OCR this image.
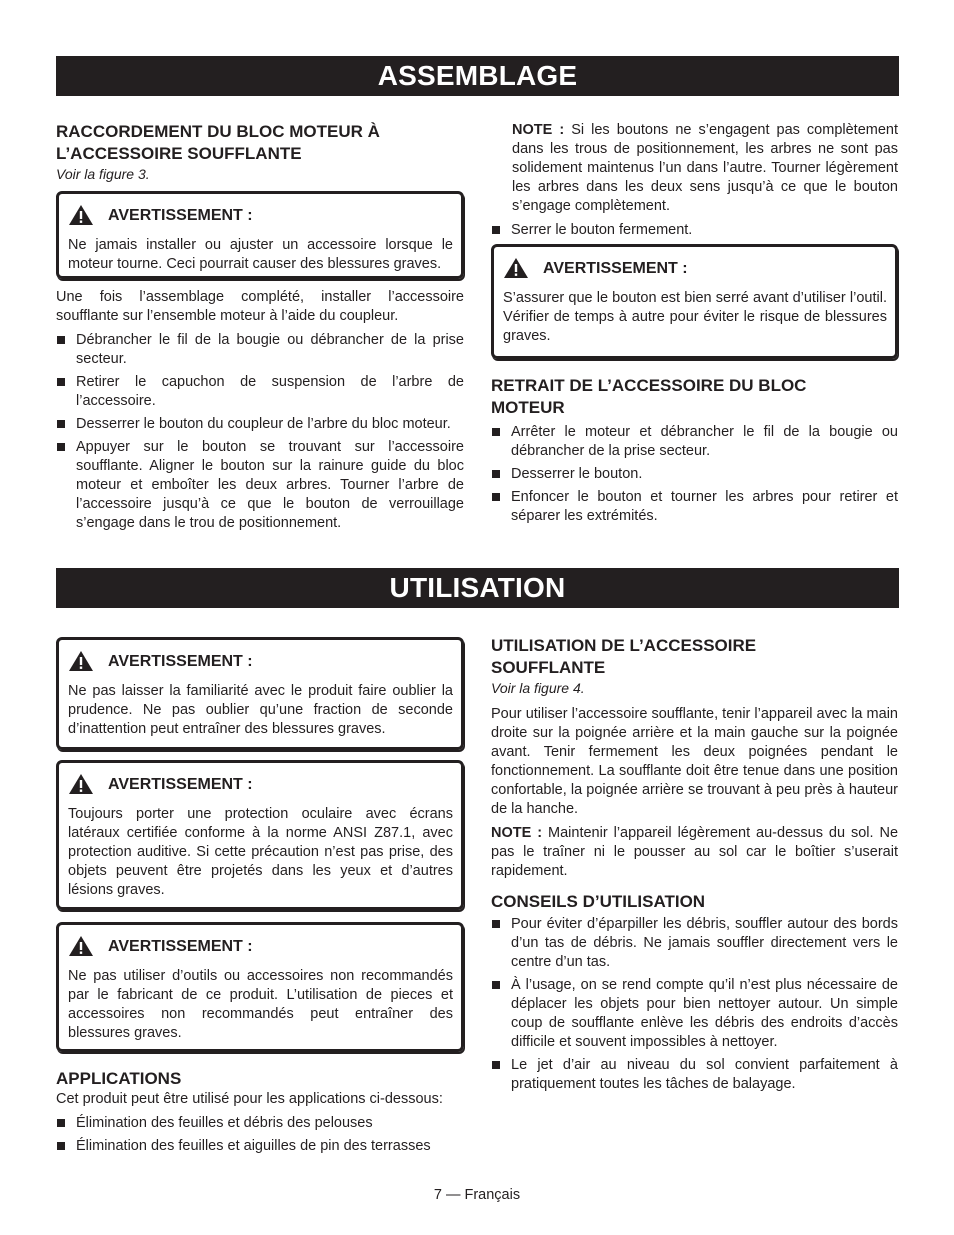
ASSEMBLAGE
RACCORDEMENT DU BLOC MOTEUR À
L’ACCESSOIRE SOUFFLANTE
Voir la figure 3.
AVERTISSEMENT :
Ne jamais installer ou ajuster un accessoire lorsque le moteur tourne. Ceci pourrait causer des blessures graves.

Une fois l’assemblage complété, installer l’accessoire soufflante sur l’ensemble moteur à l’aide du coupleur.

Débrancher le fil de la bougie ou débrancher de la prise secteur.
Retirer le capuchon de suspension de l’arbre de l’accessoire.
Desserrer le bouton du coupleur de l’arbre du bloc moteur.
Appuyer sur le bouton se trouvant sur l’accessoire soufflante. Aligner le bouton sur la rainure guide du bloc moteur et emboîter les deux arbres. Tourner l’arbre de l’accessoire jusqu’à ce que le bouton de verrouillage s’engage dans le trou de positionnement.

NOTE : Si les boutons ne s’engagent pas complètement dans les trous de positionnement, les arbres ne sont pas solidement maintenus l’un dans l’autre. Tourner légèrement les arbres dans les deux sens jusqu’à ce que le bouton s’engage complètement.

Serrer le bouton fermement.
AVERTISSEMENT :
S’assurer que le bouton est bien serré avant d’utiliser l’outil. Vérifier de temps à autre pour éviter le risque de blessures graves.
RETRAIT DE L’ACCESSOIRE DU BLOC
MOTEUR
Arrêter le moteur et débrancher le fil de la bougie ou débrancher de la prise secteur.
Desserrer le bouton.
Enfoncer le bouton et tourner les arbres pour retirer et séparer les extrémités.
UTILISATION
AVERTISSEMENT :
Ne pas laisser la familiarité avec le produit faire oublier la prudence. Ne pas oublier qu’une fraction de seconde d’inattention peut entraîner des blessures graves.
AVERTISSEMENT :
Toujours porter une protection oculaire avec écrans latéraux certifiée conforme à la norme ANSI Z87.1, avec protection auditive. Si cette précaution n’est pas prise, des objets peuvent être projetés dans les yeux et d’autres lésions graves.
AVERTISSEMENT :
Ne pas utiliser d’outils ou accessoires non recommandés par le fabricant de ce produit. L’utilisation de pieces et accessoires non recommandés peut entraîner des blessures graves.
APPLICATIONS

Cet produit peut être utilisé pour les applications ci-dessous:

Élimination des feuilles et débris des pelouses
Élimination des feuilles et aiguilles de pin des terrasses
UTILISATION DE L’ACCESSOIRE
SOUFFLANTE
Voir la figure 4.

Pour utiliser l’accessoire soufflante, tenir l’appareil avec la main droite sur la poignée arrière et la main gauche sur la poignée avant. Tenir fermement les deux poignées pendant le fonctionnement. La soufflante doit être tenue dans une position confortable, la poignée arrière se trouvant à peu près à hauteur de la hanche.

NOTE : Maintenir l’appareil légèrement au-dessus du sol. Ne pas le traîner ni le pousser au sol car le boîtier s’userait rapidement.

CONSEILS D’UTILISATION
Pour éviter d’éparpiller les débris, souffler autour des bords d’un tas de débris. Ne jamais souffler directement vers le centre d’un tas.
À l’usage, on se rend compte qu’il n’est plus nécessaire de déplacer les objets pour bien nettoyer autour. Un simple coup de soufflante enlève les débris des endroits d’accès difficile et souvent impossibles à nettoyer.
Le jet d’air au niveau du sol convient parfaitement à pratiquement toutes les tâches de balayage.
7 — Français
